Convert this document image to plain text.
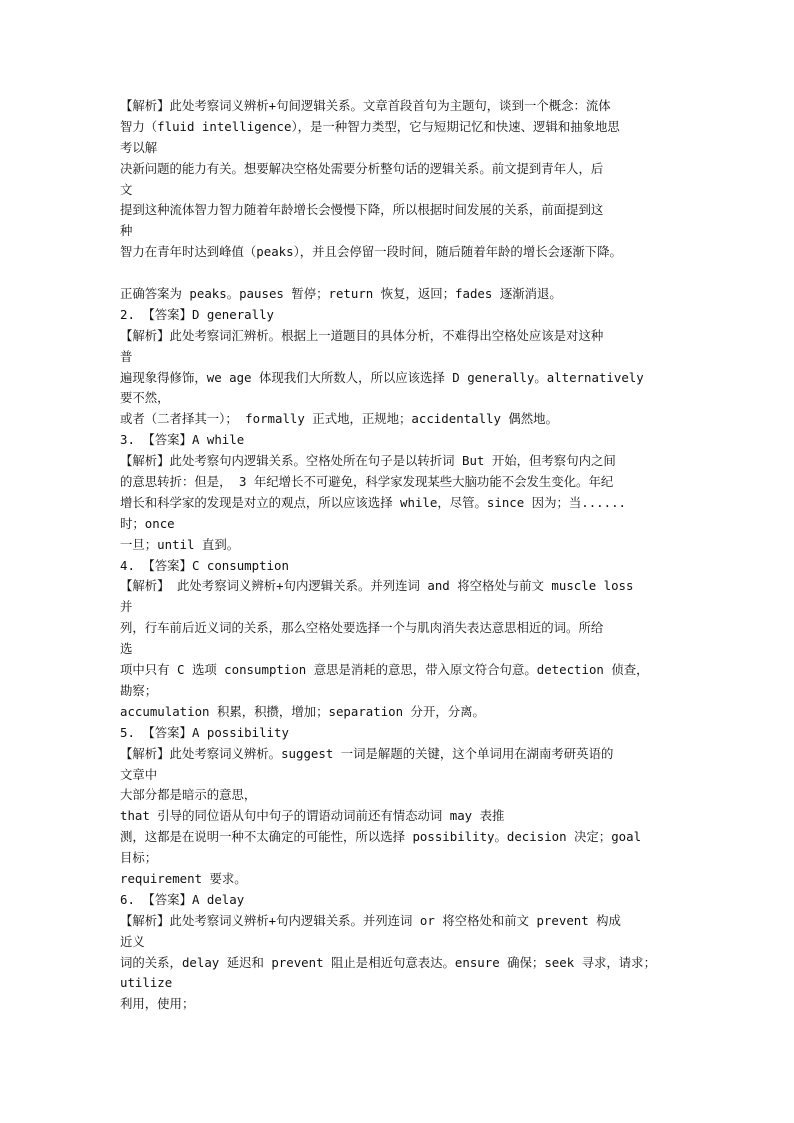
【解析】此处考察词义辨析+句间逻辑关系。文章首段首句为主题句，谈到一个概念：流体
智力（fluid intelligence），是一种智力类型，它与短期记忆和快速、逻辑和抽象地思
考以解
决新问题的能力有关。想要解决空格处需要分析整句话的逻辑关系。前文提到青年人，后
文
提到这种流体智力智力随着年龄增长会慢慢下降，所以根据时间发展的关系，前面提到这
种
智力在青年时达到峰值（peaks），并且会停留一段时间，随后随着年龄的增长会逐渐下降。
正确答案为 peaks。pauses 暂停；return 恢复，返回；fades 逐渐消退。
2. 【答案】D generally
【解析】此处考察词汇辨析。根据上一道题目的具体分析，不难得出空格处应该是对这种
普
遍现象得修饰，we age 体现我们大所数人，所以应该选择 D generally。alternatively
要不然，
或者（二者择其一）； formally 正式地，正规地；accidentally 偶然地。
3. 【答案】A while
【解析】此处考察句内逻辑关系。空格处所在句子是以转折词 But 开始，但考察句内之间
的意思转折：但是， 3 年纪增长不可避免，科学家发现某些大脑功能不会发生变化。年纪
增长和科学家的发现是对立的观点，所以应该选择 while，尽管。since 因为；当......
时；once
一旦；until 直到。
4. 【答案】C consumption
【解析】 此处考察词义辨析+句内逻辑关系。并列连词 and 将空格处与前文 muscle loss
并
列，行车前后近义词的关系，那么空格处要选择一个与肌肉消失表达意思相近的词。所给
选
项中只有 C 选项 consumption 意思是消耗的意思，带入原文符合句意。detection 侦查，
勘察；
accumulation 积累，积攒，增加；separation 分开，分离。
5. 【答案】A possibility
【解析】此处考察词义辨析。suggest 一词是解题的关键，这个单词用在湖南考研英语的
文章中
大部分都是暗示的意思，
that 引导的同位语从句中句子的谓语动词前还有情态动词 may 表推
测，这都是在说明一种不太确定的可能性，所以选择 possibility。decision 决定；goal
目标；
requirement 要求。
6. 【答案】A delay
【解析】此处考察词义辨析+句内逻辑关系。并列连词 or 将空格处和前文 prevent 构成
近义
词的关系，delay 延迟和 prevent 阻止是相近句意表达。ensure 确保；seek 寻求，请求；
utilize
利用，使用；
